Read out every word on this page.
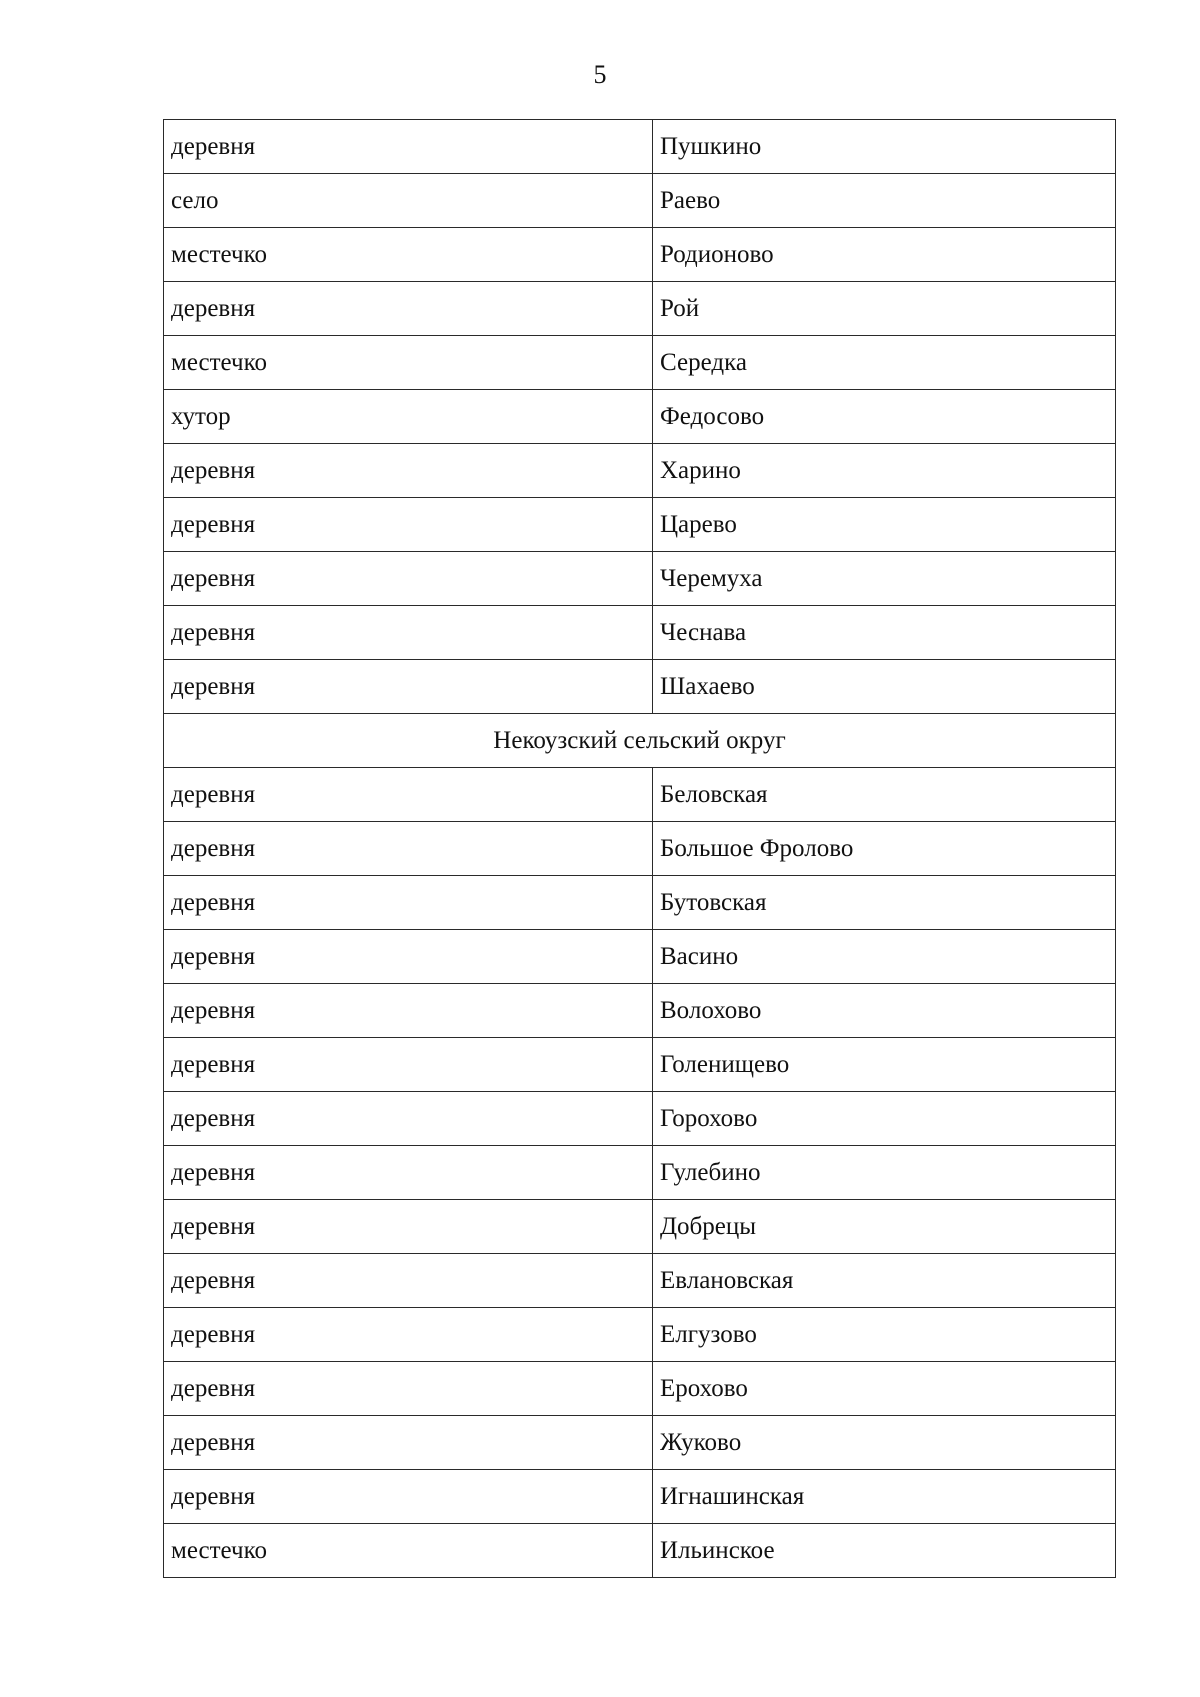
5
деревня	Пушкино
село	Раево
местечко	Родионово
деревня	Рой
местечко	Середка
хутор	Федосово
деревня	Харино
деревня	Царево
деревня	Черемуха
деревня	Чеснава
деревня	Шахаево
Некоузский сельский округ	
деревня	Беловская
деревня	Большое Фролово
деревня	Бутовская
деревня	Васино
деревня	Волохово
деревня	Голенищево
деревня	Горохово
деревня	Гулебино
деревня	Добрецы
деревня	Евлановская
деревня	Елгузово
деревня	Ерохово
деревня	Жуково
деревня	Игнашинская
местечко	Ильинское
